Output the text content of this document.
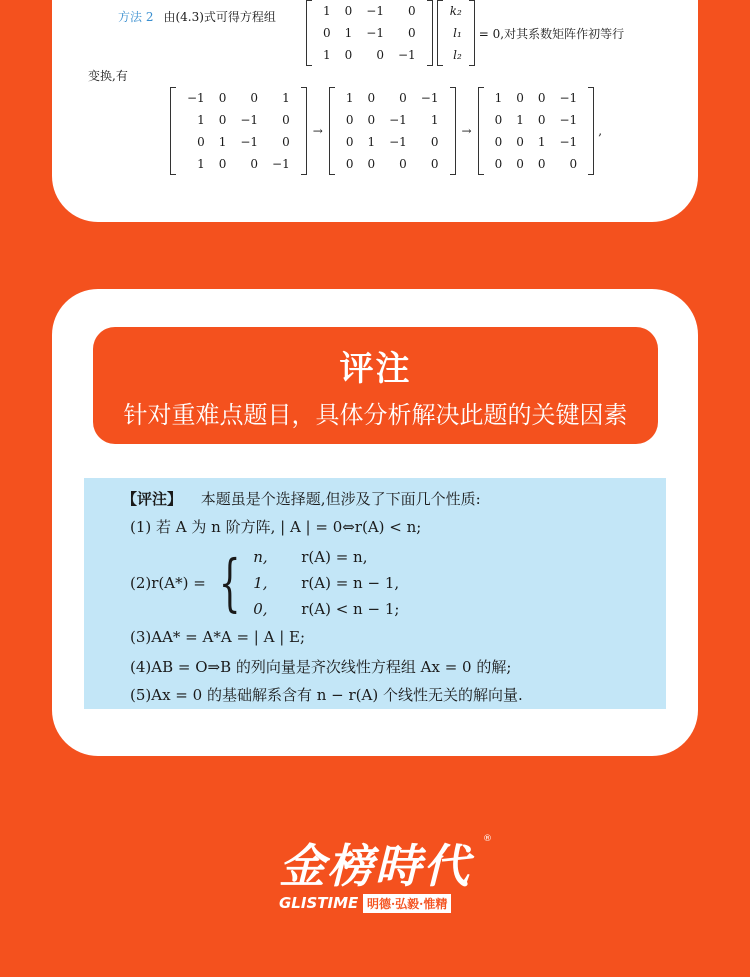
方法 2 由(4.3)式可得方程组	1	0	−1	0
0	1	−1	0
1	0	0	−1
k₂
l₁
l₂
= 0,对其系数矩阵作初等行
变换,有
−1	0	0	1
1	0	−1	0
0	1	−1	0
1	0	0	−1
→
1	0	0	−1
0	0	−1	1
0	1	−1	0
0	0	0	0
→
1	0	0	−1
0	1	0	−1
0	0	1	−1
0	0	0	0
,
评注
针对重难点题目，具体分析解决此题的关键因素
【评注】 本题虽是个选择题,但涉及了下面几个性质:
(1) 若 A 为 n 阶方阵, | A | = 0⇔r(A) < n;
(2)r(A*) = { n, r(A) = n,
1, r(A) = n − 1,
0, r(A) < n − 1;
(3)AA* = A*A = | A | E;
(4)AB = O⇒B 的列向量是齐次线性方程组 Ax = 0 的解;
(5)Ax = 0 的基础解系含有 n − r(A) 个线性无关的解向量.
金榜時代 ®
GLISTIME 明德·弘毅·惟精
